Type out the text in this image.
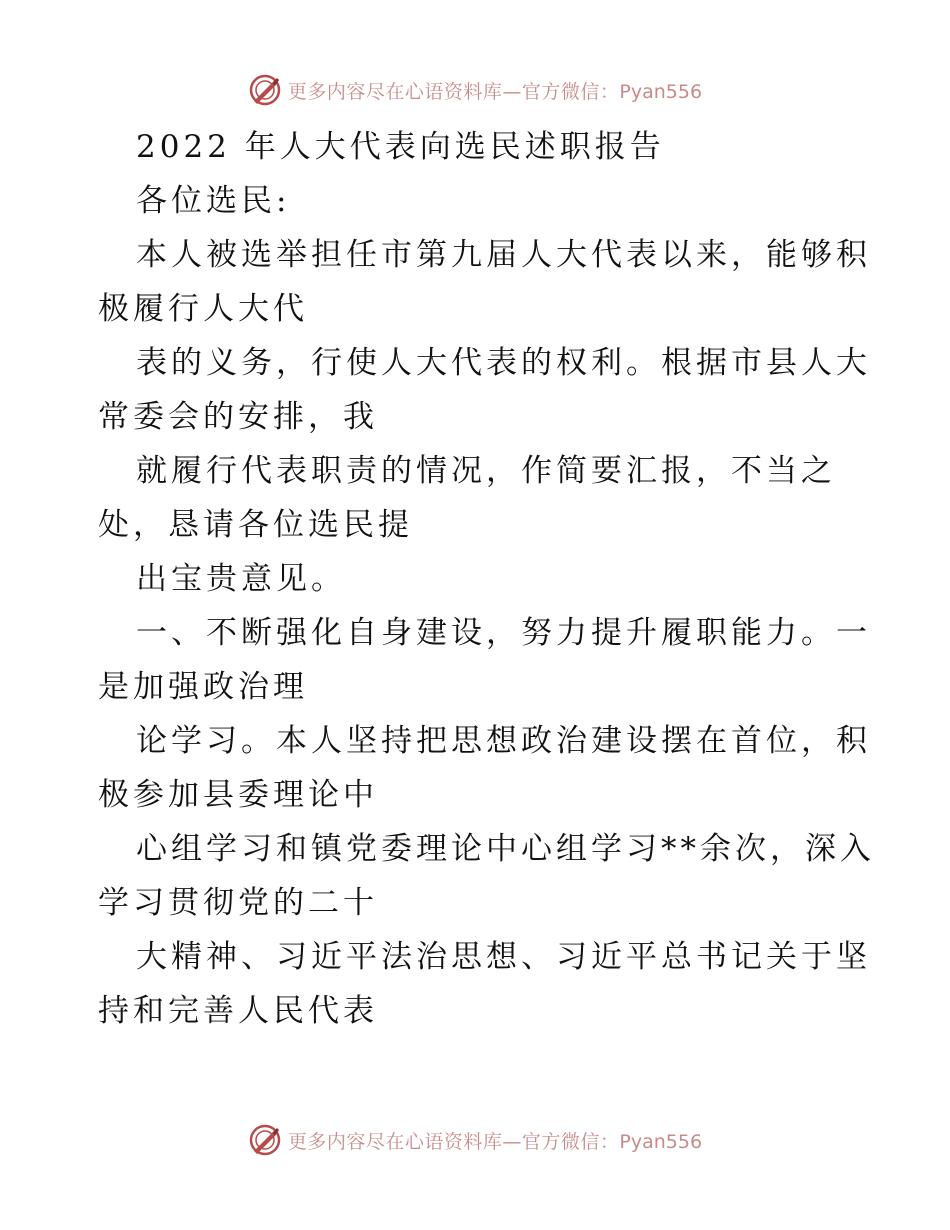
更多内容尽在心语资料库—官方微信：Pyan556
2022 年人大代表向选民述职报告
各位选民:
本人被选举担任市第九届人大代表以来，能够积
极履行人大代
表的义务，行使人大代表的权利。根据市县人大
常委会的安排，我
就履行代表职责的情况，作简要汇报，不当之
处，恳请各位选民提
出宝贵意见。
一、不断强化自身建设，努力提升履职能力。一
是加强政治理
论学习。本人坚持把思想政治建设摆在首位，积
极参加县委理论中
心组学习和镇党委理论中心组学习**余次，深入
学习贯彻党的二十
大精神、习近平法治思想、习近平总书记关于坚
持和完善人民代表
更多内容尽在心语资料库—官方微信：Pyan556
